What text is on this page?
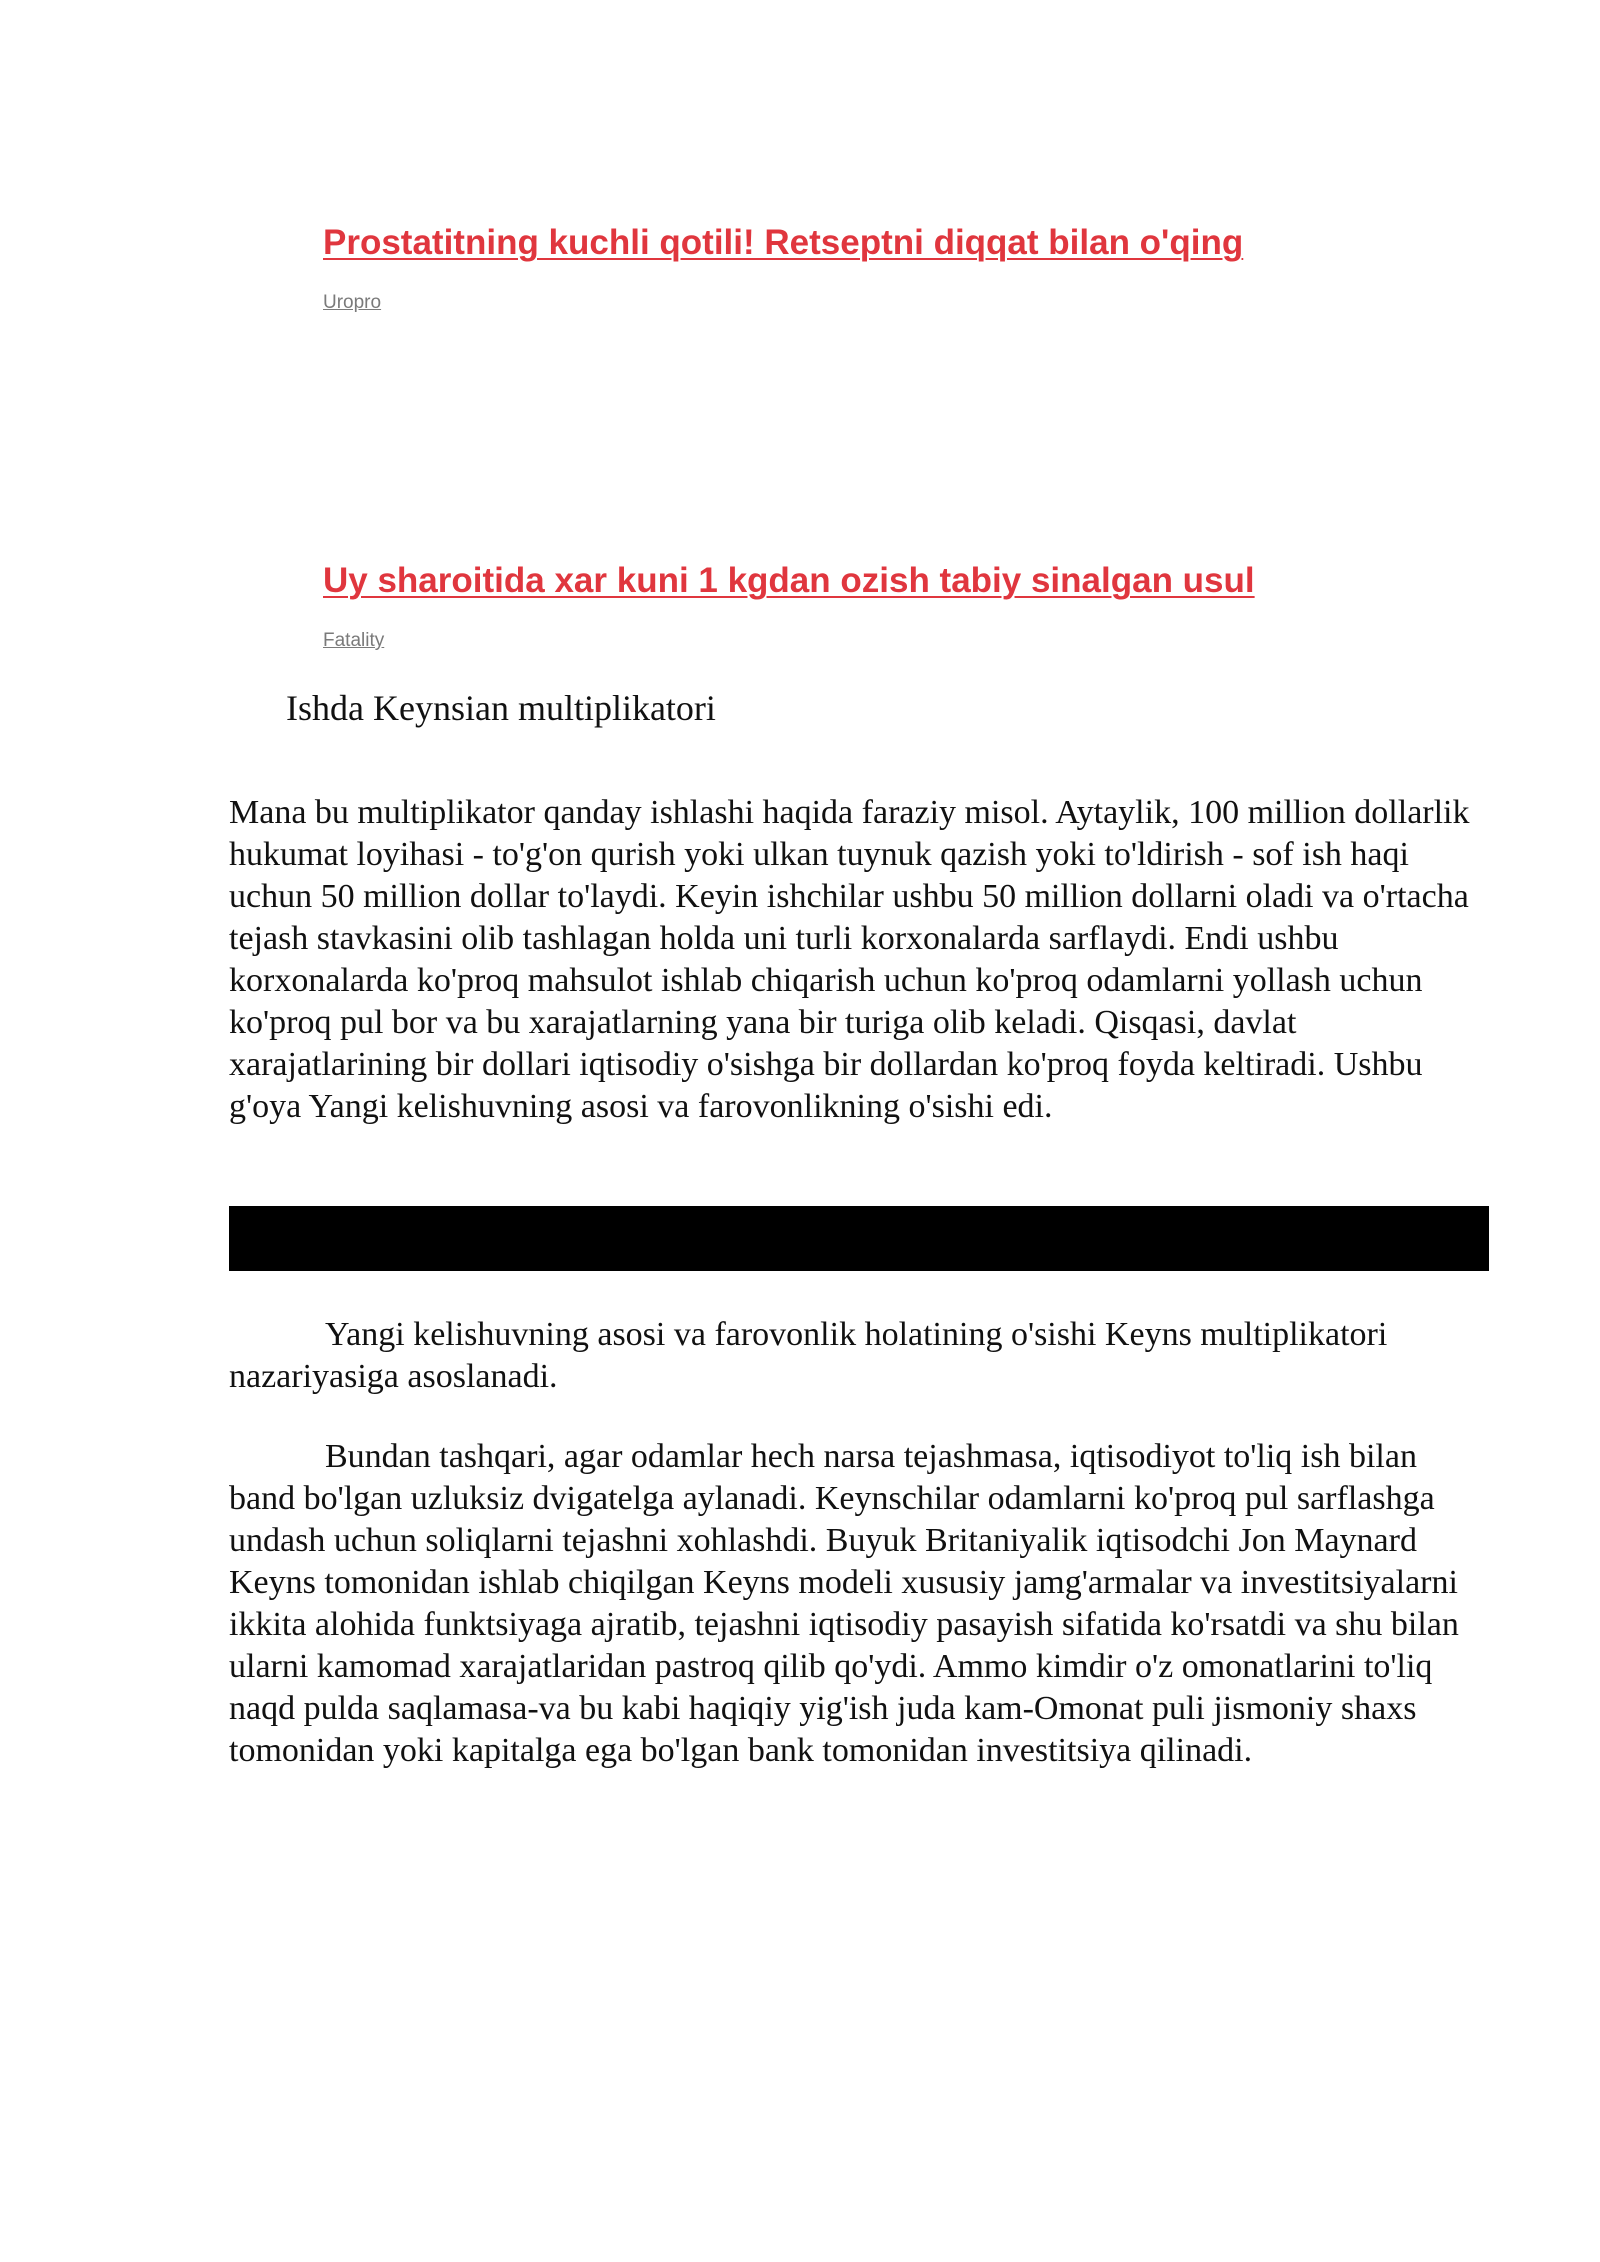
Prostatitning kuchli qotili! Retseptni diqqat bilan o'qing
Uropro
Uy sharoitida xar kuni 1 kgdan ozish tabiy sinalgan usul
Fatality
Ishda Keynsian multiplikatori

Mana bu multiplikator qanday ishlashi haqida faraziy misol. Aytaylik, 100 million dollarlik hukumat loyihasi - to'g'on qurish yoki ulkan tuynuk qazish yoki to'ldirish - sof ish haqi uchun 50 million dollar to'laydi. Keyin ishchilar ushbu 50 million dollarni oladi va o'rtacha tejash stavkasini olib tashlagan holda uni turli korxonalarda sarflaydi. Endi ushbu korxonalarda ko'proq mahsulot ishlab chiqarish uchun ko'proq odamlarni yollash uchun ko'proq pul bor va bu xarajatlarning yana bir turiga olib keladi. Qisqasi, davlat xarajatlarining bir dollari iqtisodiy o'sishga bir dollardan ko'proq foyda keltiradi. Ushbu g'oya Yangi kelishuvning asosi va farovonlikning o'sishi edi.

Yangi kelishuvning asosi va farovonlik holatining o'sishi Keyns multiplikatori nazariyasiga asoslanadi.

Bundan tashqari, agar odamlar hech narsa tejashmasa, iqtisodiyot to'liq ish bilan band bo'lgan uzluksiz dvigatelga aylanadi. Keynschilar odamlarni ko'proq pul sarflashga undash uchun soliqlarni tejashni xohlashdi. Buyuk Britaniyalik iqtisodchi Jon Maynard Keyns tomonidan ishlab chiqilgan Keyns modeli xususiy jamg'armalar va investitsiyalarni ikkita alohida funktsiyaga ajratib, tejashni iqtisodiy pasayish sifatida ko'rsatdi va shu bilan ularni kamomad xarajatlaridan pastroq qilib qo'ydi. Ammo kimdir o'z omonatlarini to'liq naqd pulda saqlamasa-va bu kabi haqiqiy yig'ish juda kam-Omonat puli jismoniy shaxs tomonidan yoki kapitalga ega bo'lgan bank tomonidan investitsiya qilinadi.
